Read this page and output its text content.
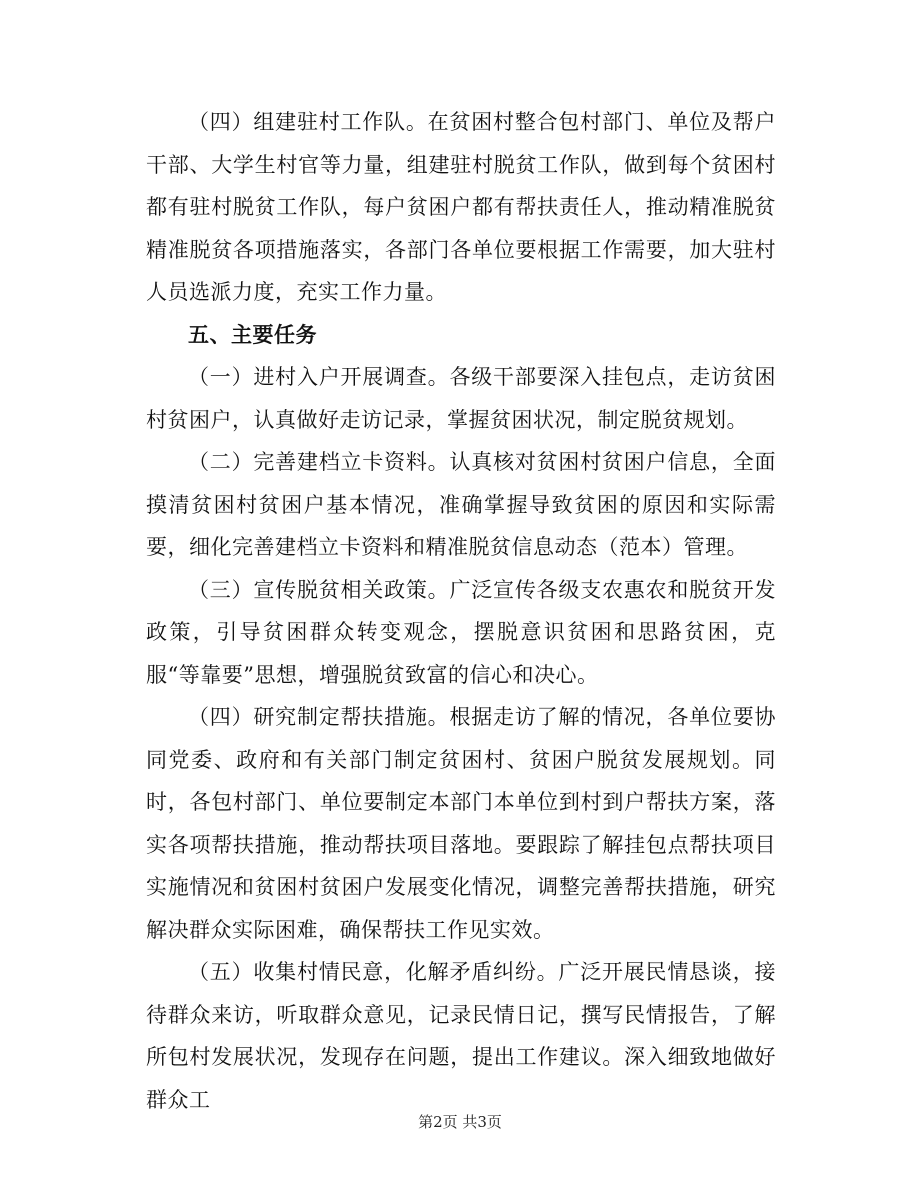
（四）组建驻村工作队。在贫困村整合包村部门、单位及帮户干部、大学生村官等力量，组建驻村脱贫工作队，做到每个贫困村都有驻村脱贫工作队，每户贫困户都有帮扶责任人，推动精准脱贫精准脱贫各项措施落实，各部门各单位要根据工作需要，加大驻村人员选派力度，充实工作力量。

五、主要任务

（一）进村入户开展调查。各级干部要深入挂包点，走访贫困村贫困户，认真做好走访记录，掌握贫困状况，制定脱贫规划。

（二）完善建档立卡资料。认真核对贫困村贫困户信息，全面摸清贫困村贫困户基本情况，准确掌握导致贫困的原因和实际需要，细化完善建档立卡资料和精准脱贫信息动态（范本）管理。

（三）宣传脱贫相关政策。广泛宣传各级支农惠农和脱贫开发政策，引导贫困群众转变观念，摆脱意识贫困和思路贫困，克服“等靠要”思想，增强脱贫致富的信心和决心。

（四）研究制定帮扶措施。根据走访了解的情况，各单位要协同党委、政府和有关部门制定贫困村、贫困户脱贫发展规划。同时，各包村部门、单位要制定本部门本单位到村到户帮扶方案，落实各项帮扶措施，推动帮扶项目落地。要跟踪了解挂包点帮扶项目实施情况和贫困村贫困户发展变化情况，调整完善帮扶措施，研究解决群众实际困难，确保帮扶工作见实效。

（五）收集村情民意，化解矛盾纠纷。广泛开展民情恳谈，接待群众来访，听取群众意见，记录民情日记，撰写民情报告，了解所包村发展状况，发现存在问题，提出工作建议。深入细致地做好群众工

第2页 共3页
